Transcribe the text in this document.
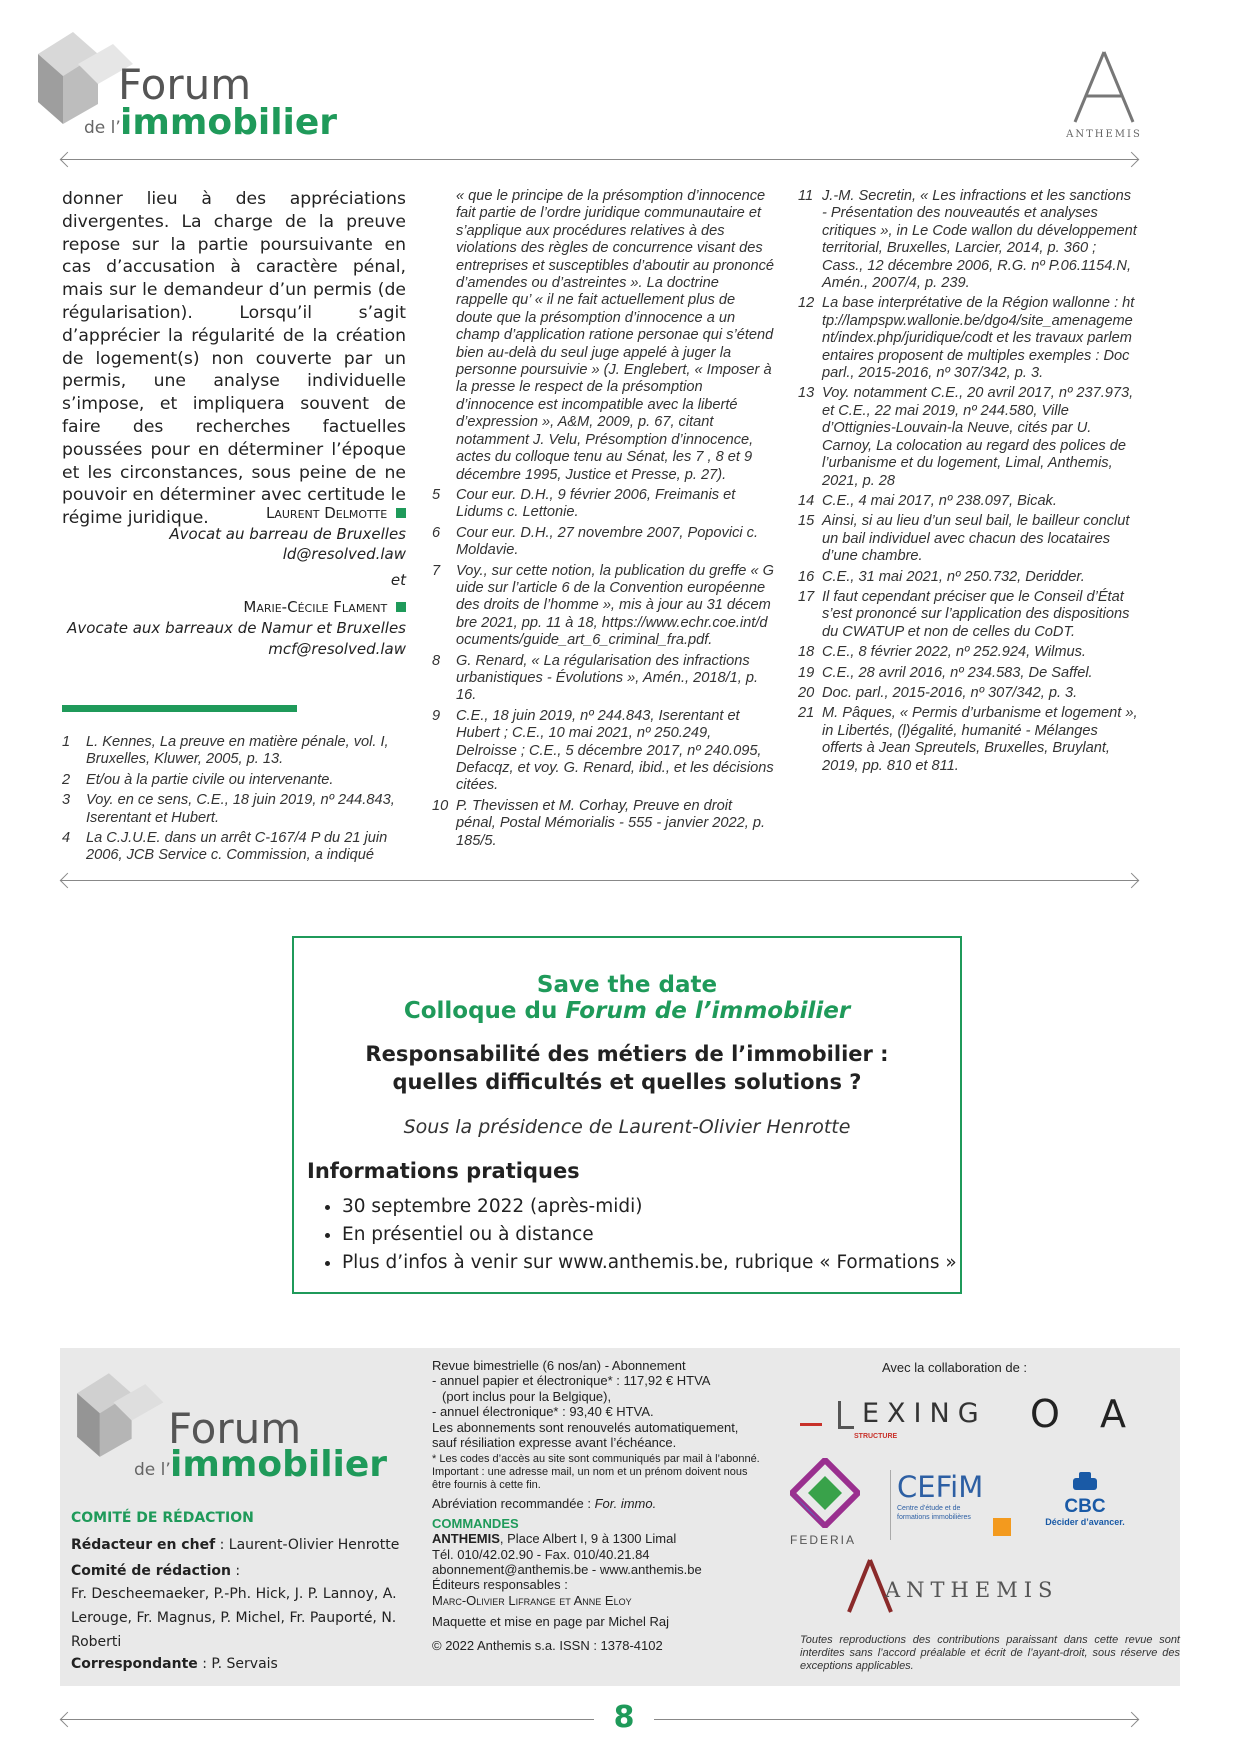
Forum
de l’ immobilier	ANTHEMIS
donner lieu à des appréciations divergentes. La charge de la preuve repose sur la partie poursuivante en cas d’accusation à caractère pénal, mais sur le demandeur d’un permis (de régularisation). Lorsqu’il s’agit d’apprécier la régularité de la création de logement(s) non couverte par un permis, une analyse individuelle s’impose, et impliquera souvent de faire des recherches factuelles poussées pour en déterminer l’époque et les circonstances, sous peine de ne pouvoir en déterminer avec certitude le régime juridique.	Laurent Delmotte
Avocat au barreau de Bruxelles
ld@resolved.law
et
Marie-Cécile Flament
Avocate aux barreaux de Namur et Bruxelles
mcf@resolved.law
1	L. Kennes, La preuve en matière pénale, vol. I, Bruxelles, Kluwer, 2005, p. 13.
2	Et/ou à la partie civile ou intervenante.
3	Voy. en ce sens, C.E., 18 juin 2019, nº 244.843, Iserentant et Hubert.
4	La C.J.U.E. dans un arrêt C-167/4 P du 21 juin 2006, JCB Service c. Commission, a indiqué
« que le principe de la présomption d’innocence fait partie de l’ordre juridique communautaire et s’applique aux procédures relatives à des violations des règles de concurrence visant des entreprises et susceptibles d’aboutir au prononcé d’amendes ou d’astreintes ». La doctrine rappelle qu’ « il ne fait actuellement plus de doute que la présomption d’innocence a un champ d’application ratione personae qui s’étend bien au-delà du seul juge appelé à juger la personne poursuivie » (J. Englebert, « Imposer à la presse le respect de la présomption d’innocence est incompatible avec la liberté d’expression », A&M, 2009, p. 67, citant notamment J. Velu, Présomption d’innocence, actes du colloque tenu au Sénat, les 7 , 8 et 9 décembre 1995, Justice et Presse, p. 27).
5	Cour eur. D.H., 9 février 2006, Freimanis et Lidums c. Lettonie.
6	Cour eur. D.H., 27 novembre 2007, Popovici c. Moldavie.
7	Voy., sur cette notion, la publication du greffe « Guide sur l’article 6 de la Convention européenne des droits de l’homme », mis à jour au 31 décembre 2021, pp. 11 à 18, https://www.echr.coe.int/documents/guide_art_6_criminal_fra.pdf.
8	G. Renard, « La régularisation des infractions urbanistiques - Évolutions », Amén., 2018/1, p. 16.
9	C.E., 18 juin 2019, nº 244.843, Iserentant et Hubert ; C.E., 10 mai 2021, nº 250.249, Delroisse ; C.E., 5 décembre 2017, nº 240.095, Defacqz, et voy. G. Renard, ibid., et les décisions citées.
10 P. Thevissen et M. Corhay, Preuve en droit pénal, Postal Mémorialis - 555 - janvier 2022, p. 185/5.
11 J.-M. Secretin, « Les infractions et les sanctions - Présentation des nouveautés et analyses critiques », in Le Code wallon du développement territorial, Bruxelles, Larcier, 2014, p. 360 ; Cass., 12 décembre 2006, R.G. nº P.06.1154.N, Amén., 2007/4, p. 239.
12 La base interprétative de la Région wallonne : http://lampspw.wallonie.be/dgo4/site_amenagement/index.php/juridique/codt et les travaux parlementaires proposent de multiples exemples : Doc parl., 2015-2016, nº 307/342, p. 3.
13 Voy. notamment C.E., 20 avril 2017, nº 237.973, et C.E., 22 mai 2019, nº 244.580, Ville d’Ottignies-Louvain-la Neuve, cités par U. Carnoy, La colocation au regard des polices de l’urbanisme et du logement, Limal, Anthemis, 2021, p. 28
14 C.E., 4 mai 2017, nº 238.097, Bicak.
15 Ainsi, si au lieu d’un seul bail, le bailleur conclut un bail individuel avec chacun des locataires d’une chambre.
16 C.E., 31 mai 2021, nº 250.732, Deridder.
17 Il faut cependant préciser que le Conseil d’État s’est prononcé sur l’application des dispositions du CWATUP et non de celles du CoDT.
18 C.E., 8 février 2022, nº 252.924, Wilmus.
19 C.E., 28 avril 2016, nº 234.583, De Saffel.
20 Doc. parl., 2015-2016, nº 307/342, p. 3.
21 M. Pâques, « Permis d’urbanisme et logement », in Libertés, (l)égalité, humanité - Mélanges offerts à Jean Spreutels, Bruxelles, Bruylant, 2019, pp. 810 et 811.
Save the date
Colloque du Forum de l’immobilier
Responsabilité des métiers de l’immobilier :
quelles difficultés et quelles solutions ?
Sous la présidence de Laurent-Olivier Henrotte
Informations pratiques
• 30 septembre 2022 (après-midi)
• En présentiel ou à distance
• Plus d’infos à venir sur www.anthemis.be, rubrique « Formations »
Forum
de l’ immobilier
COMITÉ DE RÉDACTION
Rédacteur en chef : Laurent-Olivier Henrotte
Comité de rédaction :
Fr. Descheemaeker, P.-Ph. Hick, J. P. Lannoy, A. Lerouge, Fr. Magnus, P. Michel, Fr. Pauporté, N. Roberti
Correspondante : P. Servais
Revue bimestrielle (6 nos/an) - Abonnement
- annuel papier et électronique* : 117,92 € HTVA
(port inclus pour la Belgique),
- annuel électronique* : 93,40 € HTVA.
Les abonnements sont renouvelés automatiquement,
sauf résiliation expresse avant l’échéance.
* Les codes d’accès au site sont communiqués par mail à l’abonné. Important : une adresse mail, un nom et un prénom doivent nous être fournis à cette fin.
Abréviation recommandée : For. immo.
COMMANDES
ANTHEMIS, Place Albert I, 9 à 1300 Limal
Tél. 010/42.02.90 - Fax. 010/40.21.84
abonnement@anthemis.be - www.anthemis.be
Éditeurs responsables :
Marc-Olivier Lifrange et Anne Eloy
Maquette et mise en page par Michel Raj
© 2022 Anthemis s.a. ISSN : 1378-4102
Avec la collaboration de :
EXING
STRUCTURE
O A
FEDERIA
CEFiM
Centre d’étude et de formations immobilières
CBC
Décider d’avancer.
ANTHEMIS
Toutes reproductions des contributions paraissant dans cette revue sont interdites sans l’accord préalable et écrit de l’ayant-droit, sous réserve des exceptions applicables.
8
